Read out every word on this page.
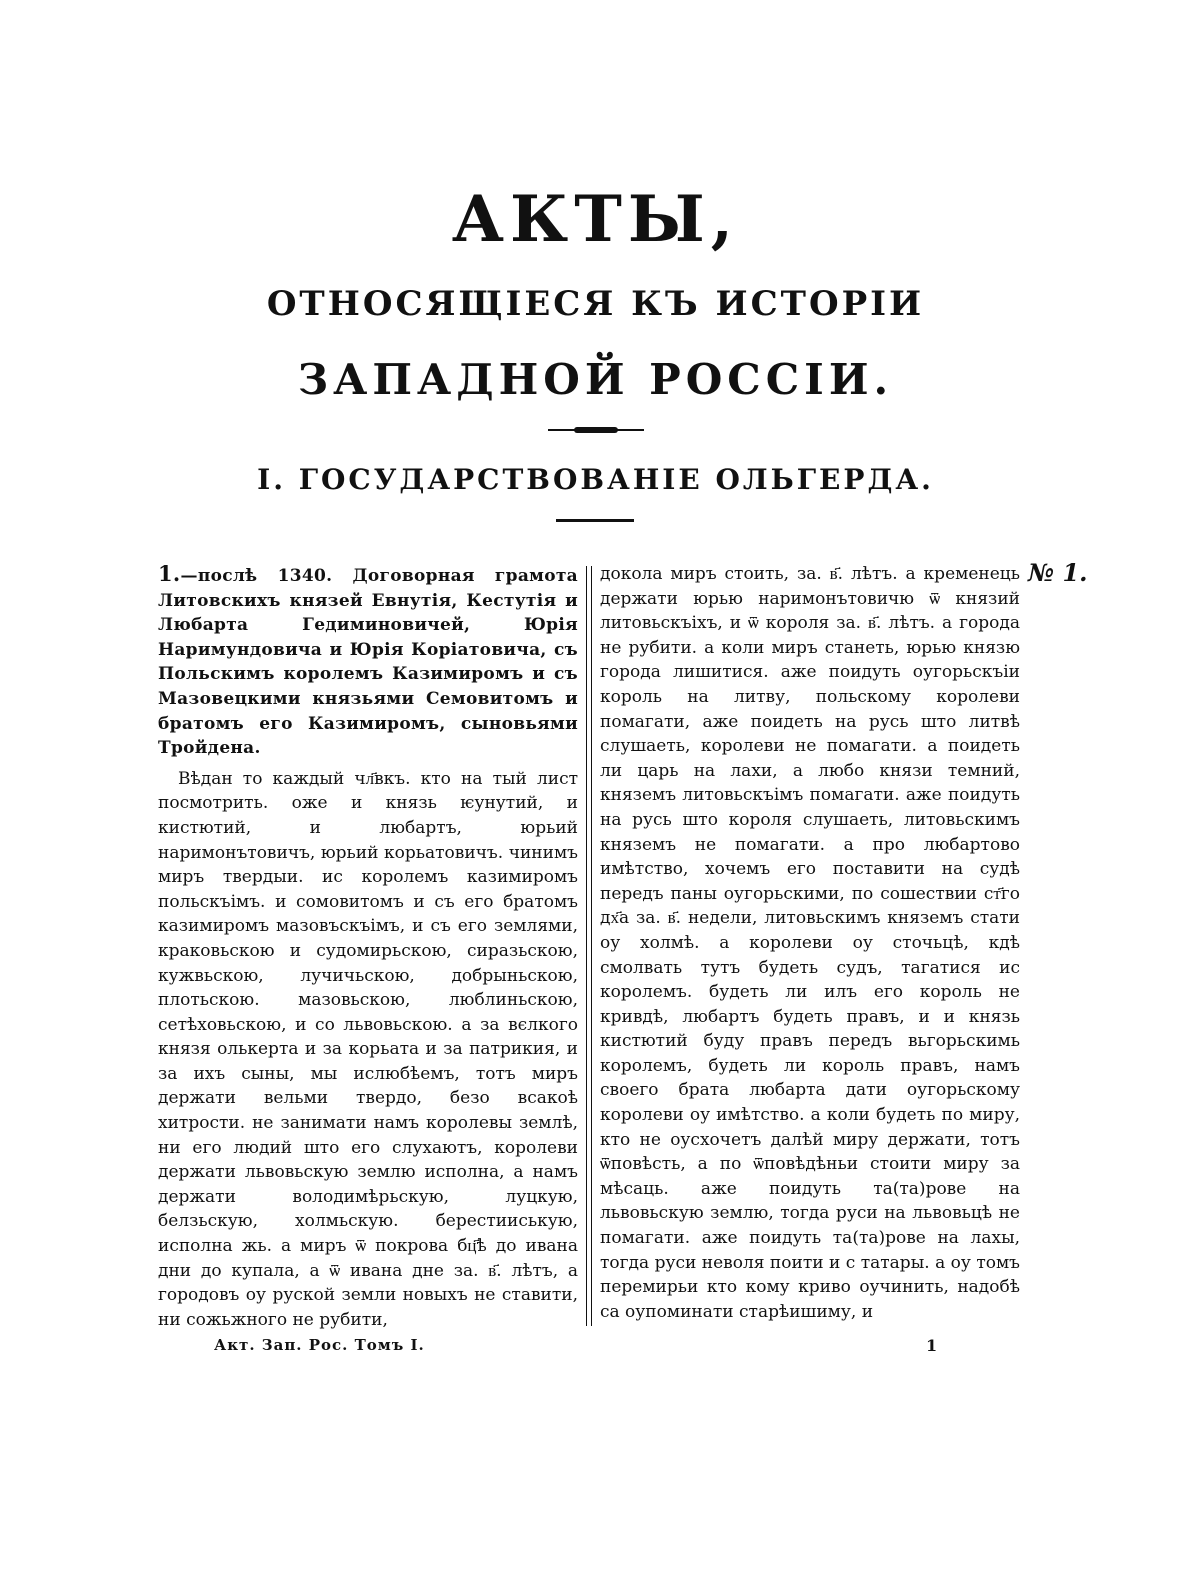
АКТЫ,
ОТНОСЯЩІЕСЯ КЪ ИСТОРІИ
ЗАПАДНОЙ РОССІИ.
I. ГОСУДАРСТВОВАНІЕ ОЛЬГЕРДА.

1.—послѣ 1340. Договорная грамота Литовскихъ князей Евнутія, Кестутія и Любарта Гедиминовичей, Юрія Наримундовича и Юрія Коріатовича, съ Польскимъ королемъ Казимиромъ и съ Мазовецкими князьями Семовитомъ и братомъ его Казимиромъ, сыновьями Тройдена.

Вѣдан то каждый чл҃вкъ. кто на тый лист посмотрить. оже и князь ѥунутий, и кистютий, и любартъ, юрьий наримонътовичъ, юрьий корьатовичъ. чинимъ миръ твердыи. ис королемъ казимиромъ польскъімъ. и сомовитомъ и съ его братомъ казимиромъ мазовъскъімъ, и съ его землями, краковьскою и судомирьскою, сиразьскою, кужвьскою, лучичьскою, добрыньскою, плотьскою. мазовьскою, люблиньскою, сетѣховьскою, и со львовьскою. а за вєлкого князя олькерта и за корьата и за патрикия, и за ихъ сыны, мы ислюбѣемъ, тотъ миръ держати вельми твердо, безо всакоѣ хитрости. не занимати намъ королевы землѣ, ни его людий што его слухаютъ, королеви держати львовьскую землю исполна, а намъ держати володимѣрьскую, луцкую, белзьскую, холмьскую. берестииськую, исполна жь. а миръ ѿ покрова бц҃ѣ до ивана дни до купала, а ѿ ивана дне за. в҃. лѣтъ, а городовъ оу руской земли новыхъ не ставити, ни сожьжного не рубити,

докола миръ стоить, за. в҃. лѣтъ. а кременець держати юрью наримонътовичю ѿ князий литовьскъіхъ, и ѿ короля за. в҃. лѣтъ. а города не рубити. а коли миръ станеть, юрью князю города лишитися. аже поидуть оугорьскъіи король на литву, польскому королеви помагати, аже поидеть на русь што литвѣ слушаеть, королеви не помагати. а поидеть ли царь на лахи, а любо князи темний, княземъ литовьскъімъ помагати. аже поидуть на русь што короля слушаеть, литовьскимъ княземъ не помагати. а про любартово имѣтство, хочемъ его поставити на судѣ передъ паны оугорьскими, по сошествии ст҃го дх҃а за. в҃. недели, литовьскимъ княземъ стати оу холмѣ. а королеви оу сточьцѣ, кдѣ смолвать тутъ будеть судъ, тагатися ис королемъ. будеть ли илъ его король не кривдѣ, любартъ будеть правъ, и и князь кистютий буду правъ передъ вьгорьскимь королемъ, будеть ли король правъ, намъ своего брата любарта дати оугорьскому королеви оу имѣтство. а коли будеть по миру, кто не оусхочетъ далѣй миру держати, тотъ ѿповѣсть, а по ѿповѣдѣньи стоити миру за мѣсаць. аже поидуть та(та)рове на львовьскую землю, тогда руси на львовьцѣ не помагати. аже поидуть та(та)рове на лахы, тогда руси неволя поити и с татары. а оу томъ перемирьи кто кому криво оучинить, надобѣ са оупоминати старѣишиму, и

№ 1.
Акт. Зап. Рос. Томъ I.	1
